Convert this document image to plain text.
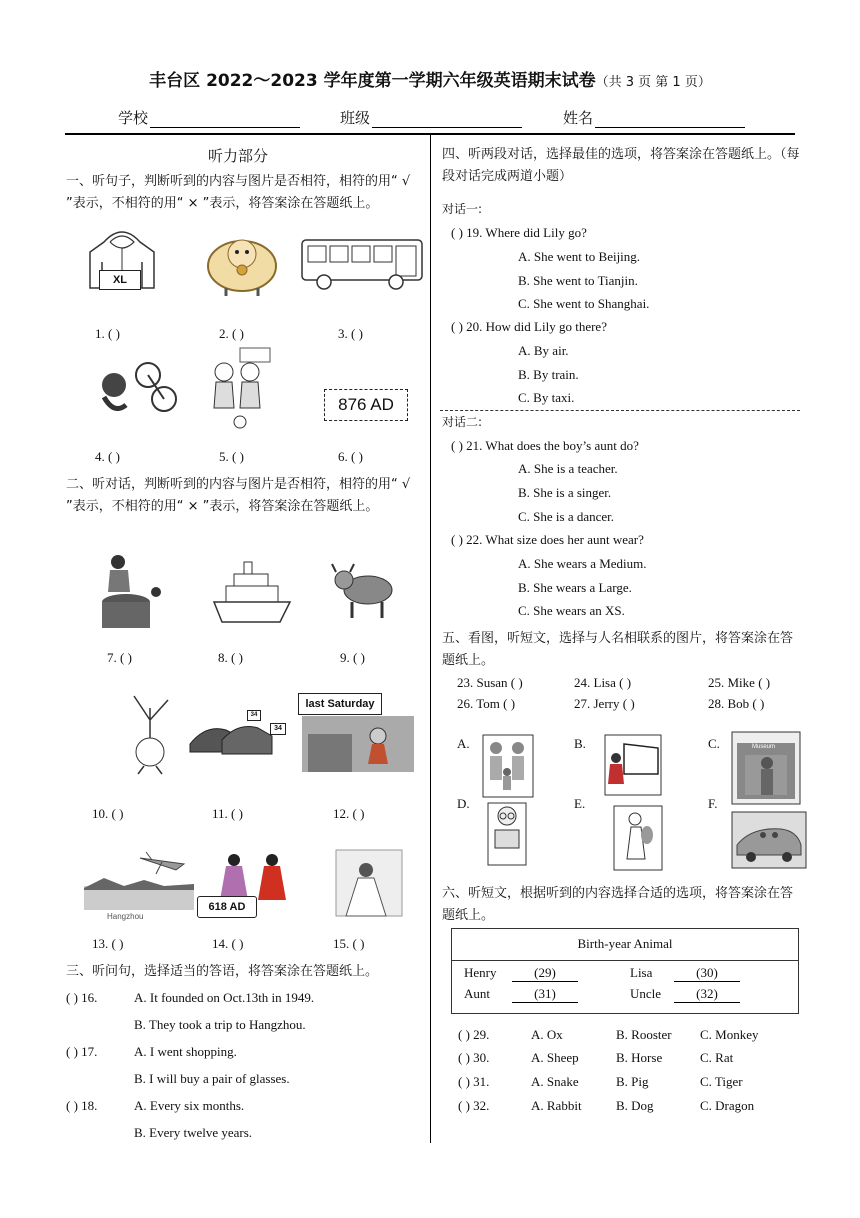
丰台区 2022～2023 学年度第一学期六年级英语期末试卷（共 3 页 第 1 页）
学校	班级	姓名
听力部分
一、听句子，判断听到的内容与图片是否相符，相符的用“ √ ”表示，不相符的用“ × ”表示，将答案涂在答题纸上。
XL
1. ( )	2. ( )	3. ( )
876 AD
4. ( )	5. ( )	6. ( )
二、听对话，判断听到的内容与图片是否相符，相符的用“ √ ”表示，不相符的用“ × ”表示，将答案涂在答题纸上。
7. ( )	8. ( )	9. ( )
34
34
last Saturday
10. ( )	11. ( )	12. ( )
Hangzhou
618 AD
13. ( )	14. ( )	15. ( )
三、听问句，选择适当的答语，将答案涂在答题纸上。
( ) 16.	A. It founded on Oct.13th in 1949.
B. They took a trip to Hangzhou.
( ) 17.	A. I went shopping.
B. I will buy a pair of glasses.
( ) 18.	A. Every six months.
B. Every twelve years.
四、听两段对话，选择最佳的选项，将答案涂在答题纸上。（每段对话完成两道小题）
对话一:
( ) 19. Where did Lily go?
A. She went to Beijing.
B. She went to Tianjin.
C. She went to Shanghai.
( ) 20. How did Lily go there?
A. By air.
B. By train.
C. By taxi.
对话二:
( ) 21. What does the boy’s aunt do?
A. She is a teacher.
B. She is a singer.
C. She is a dancer.
( ) 22. What size does her aunt wear?
A. She wears a Medium.
B. She wears a Large.
C. She wears an XS.
五、看图，听短文，选择与人名相联系的图片，将答案涂在答题纸上。
23. Susan ( )	24. Lisa ( )	25. Mike ( )
26. Tom ( )	27. Jerry ( )	28. Bob ( )
A.	B.	C.
D.	E.	F.
Museum
六、听短文，根据听到的内容选择合适的选项，将答案涂在答题纸上。
Birth-year Animal			
Henry	(29)	Lisa	(30)
Aunt	(31)	Uncle	(32)
( ) 29.	A. Ox	B. Rooster C. Monkey
( ) 30.	A. Sheep	B. Horse	C. Rat
( ) 31.	A. Snake	B. Pig	C. Tiger
( ) 32.	A. Rabbit	B. Dog	C. Dragon
